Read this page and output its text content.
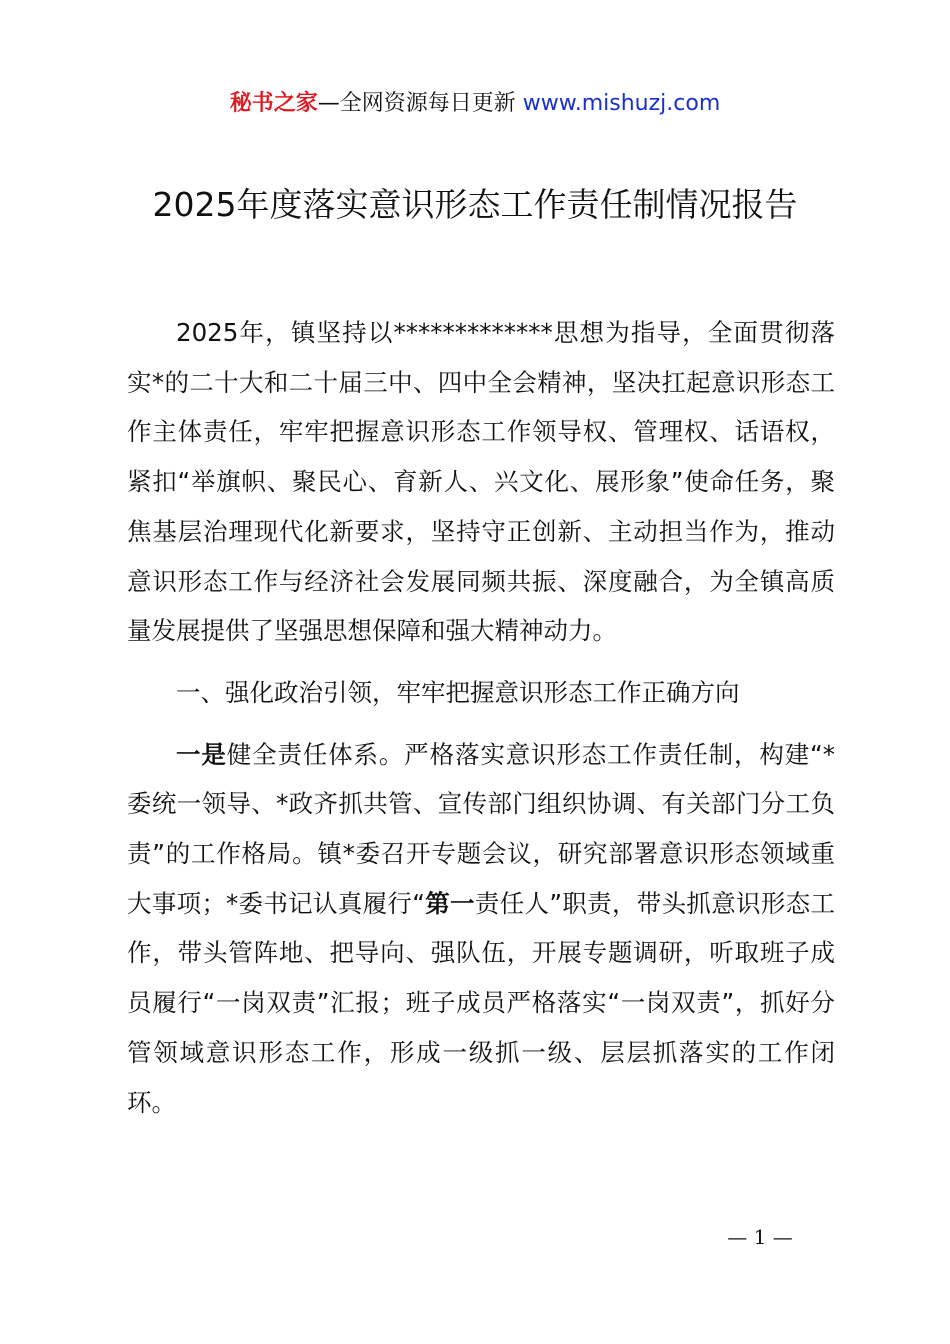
秘书之家—全网资源每日更新 www.mishuzj.com
2025年度落实意识形态工作责任制情况报告

2025年，镇坚持以*************思想为指导，全面贯彻落实*的二十大和二十届三中、四中全会精神，坚决扛起意识形态工作主体责任，牢牢把握意识形态工作领导权、管理权、话语权，紧扣“举旗帜、聚民心、育新人、兴文化、展形象”使命任务，聚焦基层治理现代化新要求，坚持守正创新、主动担当作为，推动意识形态工作与经济社会发展同频共振、深度融合，为全镇高质量发展提供了坚强思想保障和强大精神动力。

一、强化政治引领，牢牢把握意识形态工作正确方向

一是健全责任体系。严格落实意识形态工作责任制，构建“*委统一领导、*政齐抓共管、宣传部门组织协调、有关部门分工负责”的工作格局。镇*委召开专题会议，研究部署意识形态领域重大事项；*委书记认真履行“第一责任人”职责，带头抓意识形态工作，带头管阵地、把导向、强队伍，开展专题调研，听取班子成员履行“一岗双责”汇报；班子成员严格落实“一岗双责”，抓好分管领域意识形态工作，形成一级抓一级、层层抓落实的工作闭环。

— 1 —
